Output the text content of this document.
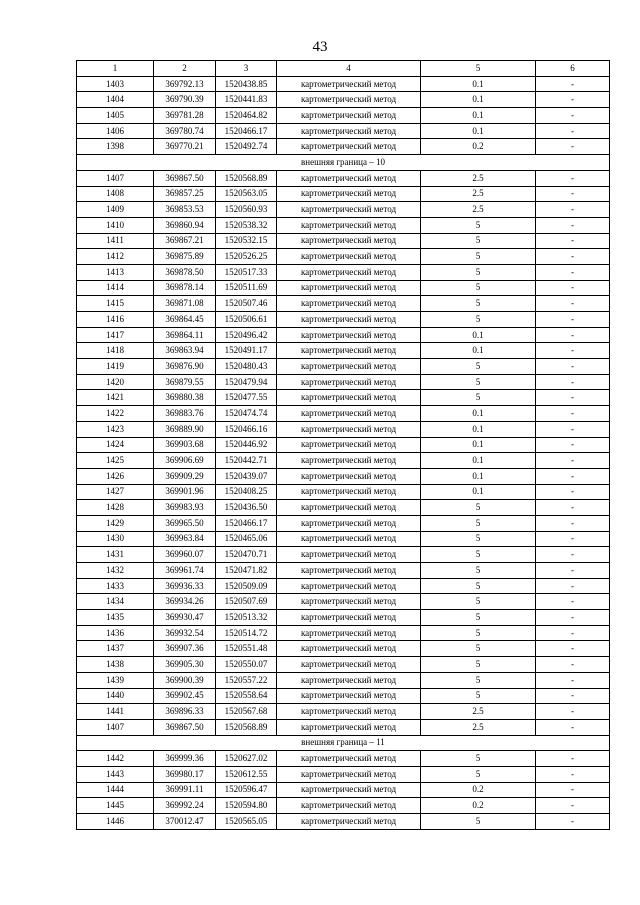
43
1	2	3	4	5	6
1403	369792.13	1520438.85	картометрический метод	0.1	-
1404	369790.39	1520441.83	картометрический метод	0.1	-
1405	369781.28	1520464.82	картометрический метод	0.1	-
1406	369780.74	1520466.17	картометрический метод	0.1	-
1398	369770.21	1520492.74	картометрический метод	0.2	-
внешняя граница – 10					
1407	369867.50	1520568.89	картометрический метод	2.5	-
1408	369857.25	1520563.05	картометрический метод	2.5	-
1409	369853.53	1520560.93	картометрический метод	2.5	-
1410	369860.94	1520538.32	картометрический метод	5	-
1411	369867.21	1520532.15	картометрический метод	5	-
1412	369875.89	1520526.25	картометрический метод	5	-
1413	369878.50	1520517.33	картометрический метод	5	-
1414	369878.14	1520511.69	картометрический метод	5	-
1415	369871.08	1520507.46	картометрический метод	5	-
1416	369864.45	1520506.61	картометрический метод	5	-
1417	369864.11	1520496.42	картометрический метод	0.1	-
1418	369863.94	1520491.17	картометрический метод	0.1	-
1419	369876.90	1520480.43	картометрический метод	5	-
1420	369879.55	1520479.94	картометрический метод	5	-
1421	369880.38	1520477.55	картометрический метод	5	-
1422	369883.76	1520474.74	картометрический метод	0.1	-
1423	369889.90	1520466.16	картометрический метод	0.1	-
1424	369903.68	1520446.92	картометрический метод	0.1	-
1425	369906.69	1520442.71	картометрический метод	0.1	-
1426	369909.29	1520439.07	картометрический метод	0.1	-
1427	369901.96	1520408.25	картометрический метод	0.1	-
1428	369983.93	1520436.50	картометрический метод	5	-
1429	369965.50	1520466.17	картометрический метод	5	-
1430	369963.84	1520465.06	картометрический метод	5	-
1431	369960.07	1520470.71	картометрический метод	5	-
1432	369961.74	1520471.82	картометрический метод	5	-
1433	369936.33	1520509.09	картометрический метод	5	-
1434	369934.26	1520507.69	картометрический метод	5	-
1435	369930.47	1520513.32	картометрический метод	5	-
1436	369932.54	1520514.72	картометрический метод	5	-
1437	369907.36	1520551.48	картометрический метод	5	-
1438	369905.30	1520550.07	картометрический метод	5	-
1439	369900.39	1520557.22	картометрический метод	5	-
1440	369902.45	1520558.64	картометрический метод	5	-
1441	369896.33	1520567.68	картометрический метод	2.5	-
1407	369867.50	1520568.89	картометрический метод	2.5	-
внешняя граница – 11					
1442	369999.36	1520627.02	картометрический метод	5	-
1443	369980.17	1520612.55	картометрический метод	5	-
1444	369991.11	1520596.47	картометрический метод	0.2	-
1445	369992.24	1520594.80	картометрический метод	0.2	-
1446	370012.47	1520565.05	картометрический метод	5	-
